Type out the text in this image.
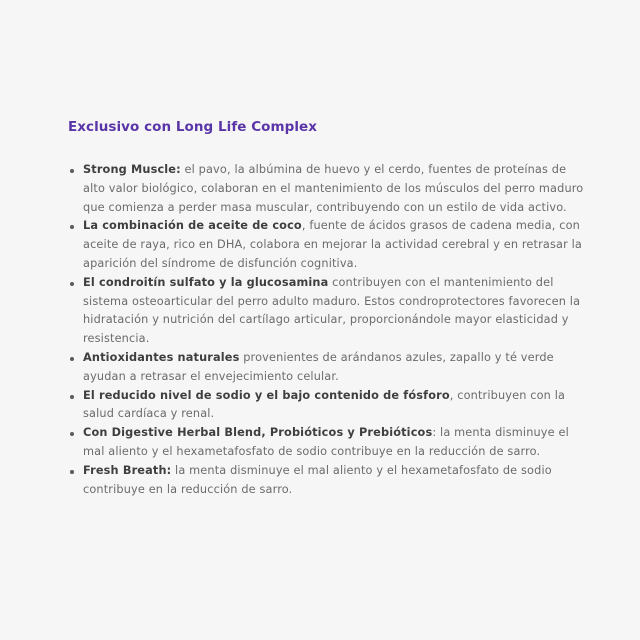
Exclusivo con Long Life Complex
Strong Muscle: el pavo, la albúmina de huevo y el cerdo, fuentes de proteínas de alto valor biológico, colaboran en el mantenimiento de los músculos del perro maduro que comienza a perder masa muscular, contribuyendo con un estilo de vida activo.
La combinación de aceite de coco, fuente de ácidos grasos de cadena media, con aceite de raya, rico en DHA, colabora en mejorar la actividad cerebral y en retrasar la aparición del síndrome de disfunción cognitiva.
El condroitín sulfato y la glucosamina contribuyen con el mantenimiento del sistema osteoarticular del perro adulto maduro. Estos condroprotectores favorecen la hidratación y nutrición del cartílago articular, proporcionándole mayor elasticidad y resistencia.
Antioxidantes naturales provenientes de arándanos azules, zapallo y té verde ayudan a retrasar el envejecimiento celular.
El reducido nivel de sodio y el bajo contenido de fósforo, contribuyen con la salud cardíaca y renal.
Con Digestive Herbal Blend, Probióticos y Prebióticos: la menta disminuye el mal aliento y el hexametafosfato de sodio contribuye en la reducción de sarro.
Fresh Breath: la menta disminuye el mal aliento y el hexametafosfato de sodio contribuye en la reducción de sarro.
